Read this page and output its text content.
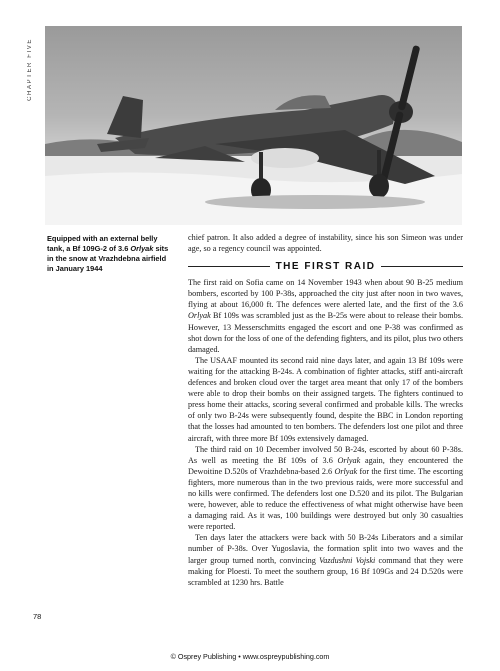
CHAPTER FIVE
Equipped with an external belly
tank, a Bf 109G-2 of 3.6 Orlyak sits
in the snow at Vrazhdebna airfield
in January 1944

chief patron. It also added a degree of instability, since his son Simeon was under age, so a regency council was appointed.

THE FIRST RAID

The first raid on Sofia came on 14 November 1943 when about 90 B-25 medium bombers, escorted by 100 P-38s, approached the city just after noon in two waves, flying at about 16,000 ft. The defences were alerted late, and the first of the 3.6 Orlyak Bf 109s was scrambled just as the B-25s were about to release their bombs. However, 13 Messerschmitts engaged the escort and one P-38 was confirmed as shot down for the loss of one of the defending fighters, and its pilot, plus two others damaged.

The USAAF mounted its second raid nine days later, and again 13 Bf 109s were waiting for the attacking B-24s. A combination of fighter attacks, stiff anti-aircraft defences and broken cloud over the target area meant that only 17 of the bombers were able to drop their bombs on their assigned targets. The fighters continued to press home their attacks, scoring several confirmed and probable kills. The wrecks of only two B-24s were subsequently found, despite the BBC in London reporting that the losses had amounted to ten bombers. The defenders lost one pilot and three aircraft, with three more Bf 109s extensively damaged.

The third raid on 10 December involved 50 B-24s, escorted by about 60 P-38s. As well as meeting the Bf 109s of 3.6 Orlyak again, they encountered the Dewoitine D.520s of Vrazhdebna-based 2.6 Orlyak for the first time. The escorting fighters, more numerous than in the two previous raids, were more successful and no kills were confirmed. The defenders lost one D.520 and its pilot. The Bulgarian were, however, able to reduce the effectiveness of what might otherwise have been a damaging raid. As it was, 100 buildings were destroyed but only 30 casualties were reported.

Ten days later the attackers were back with 50 B-24s Liberators and a similar number of P-38s. Over Yugoslavia, the formation split into two waves and the larger group turned north, convincing Vazdushni Vojski command that they were making for Ploesti. To meet the southern group, 16 Bf 109Gs and 24 D.520s were scrambled at 1230 hrs. Battle

78
© Osprey Publishing • www.ospreypublishing.com
